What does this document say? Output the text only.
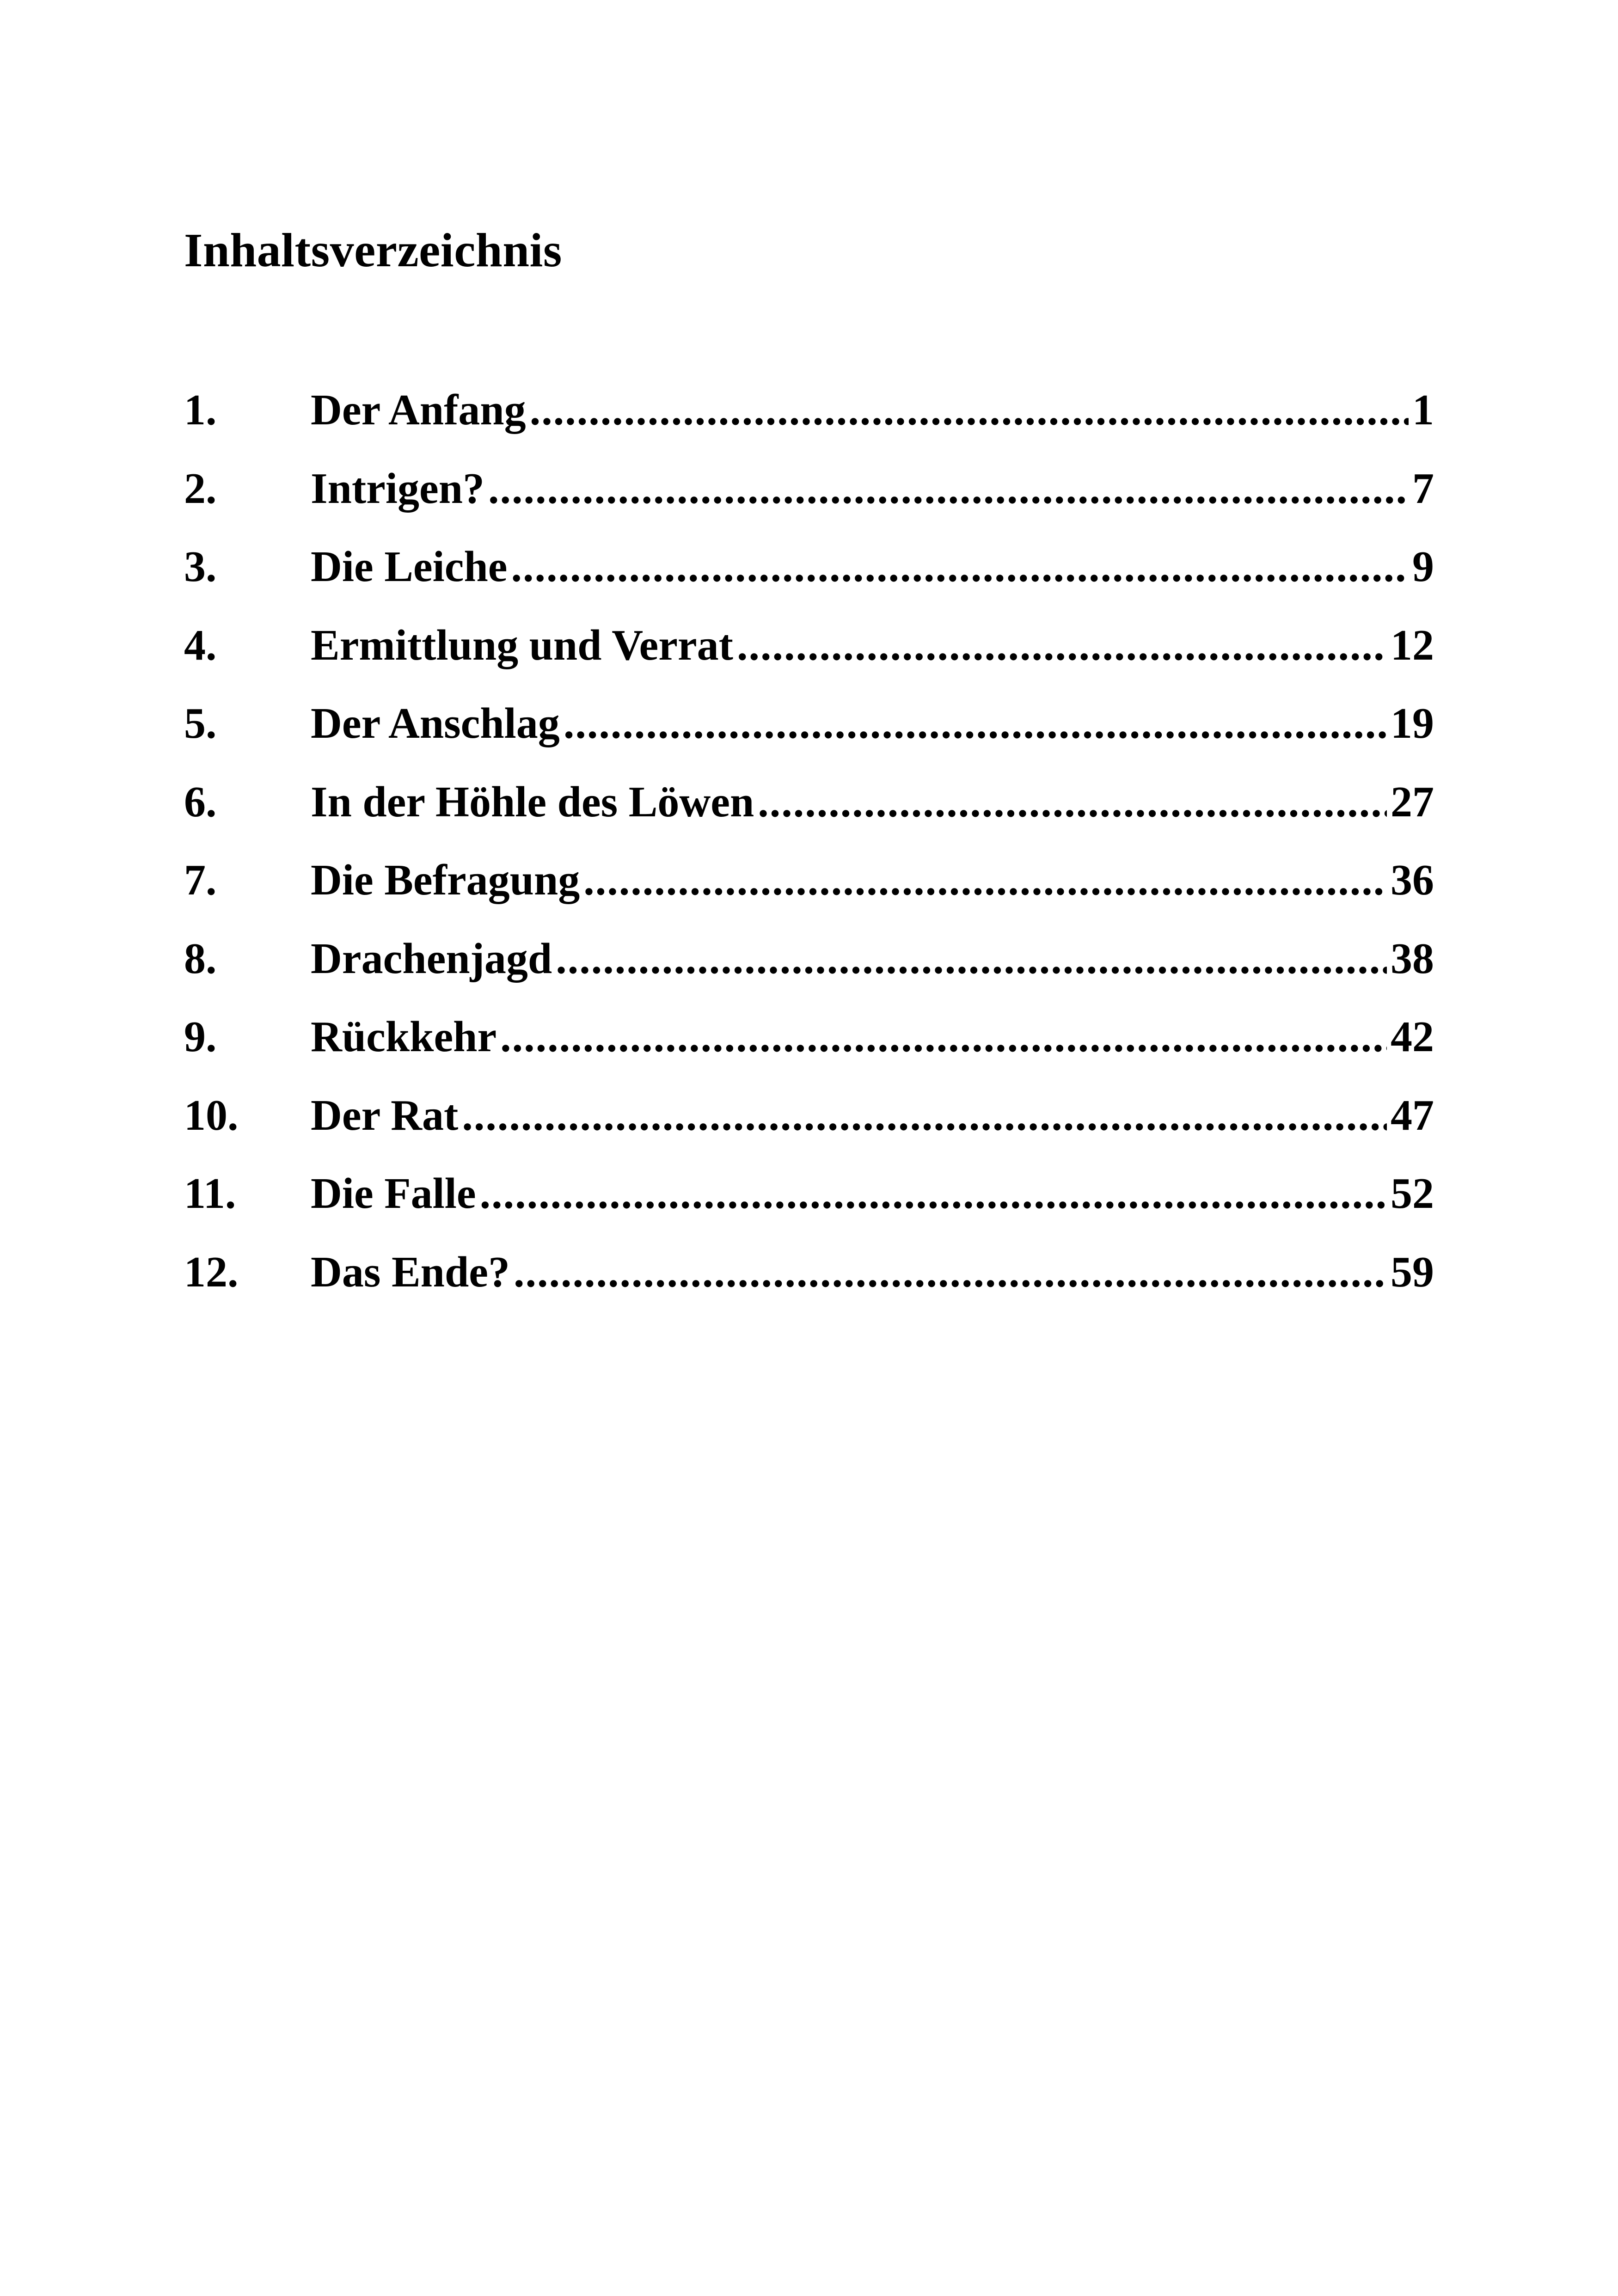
Inhaltsverzeichnis
1.	Der Anfang .....	1
2.	Intrigen? .....	7
3.	Die Leiche .....	9
4.	Ermittlung und Verrat .....	12
5.	Der Anschlag .....	19
6.	In der Höhle des Löwen .....	27
7.	Die Befragung .....	36
8.	Drachenjagd .....	38
9.	Rückkehr .....	42
10.	Der Rat .....	47
11.	Die Falle .....	52
12.	Das Ende? .....	59
